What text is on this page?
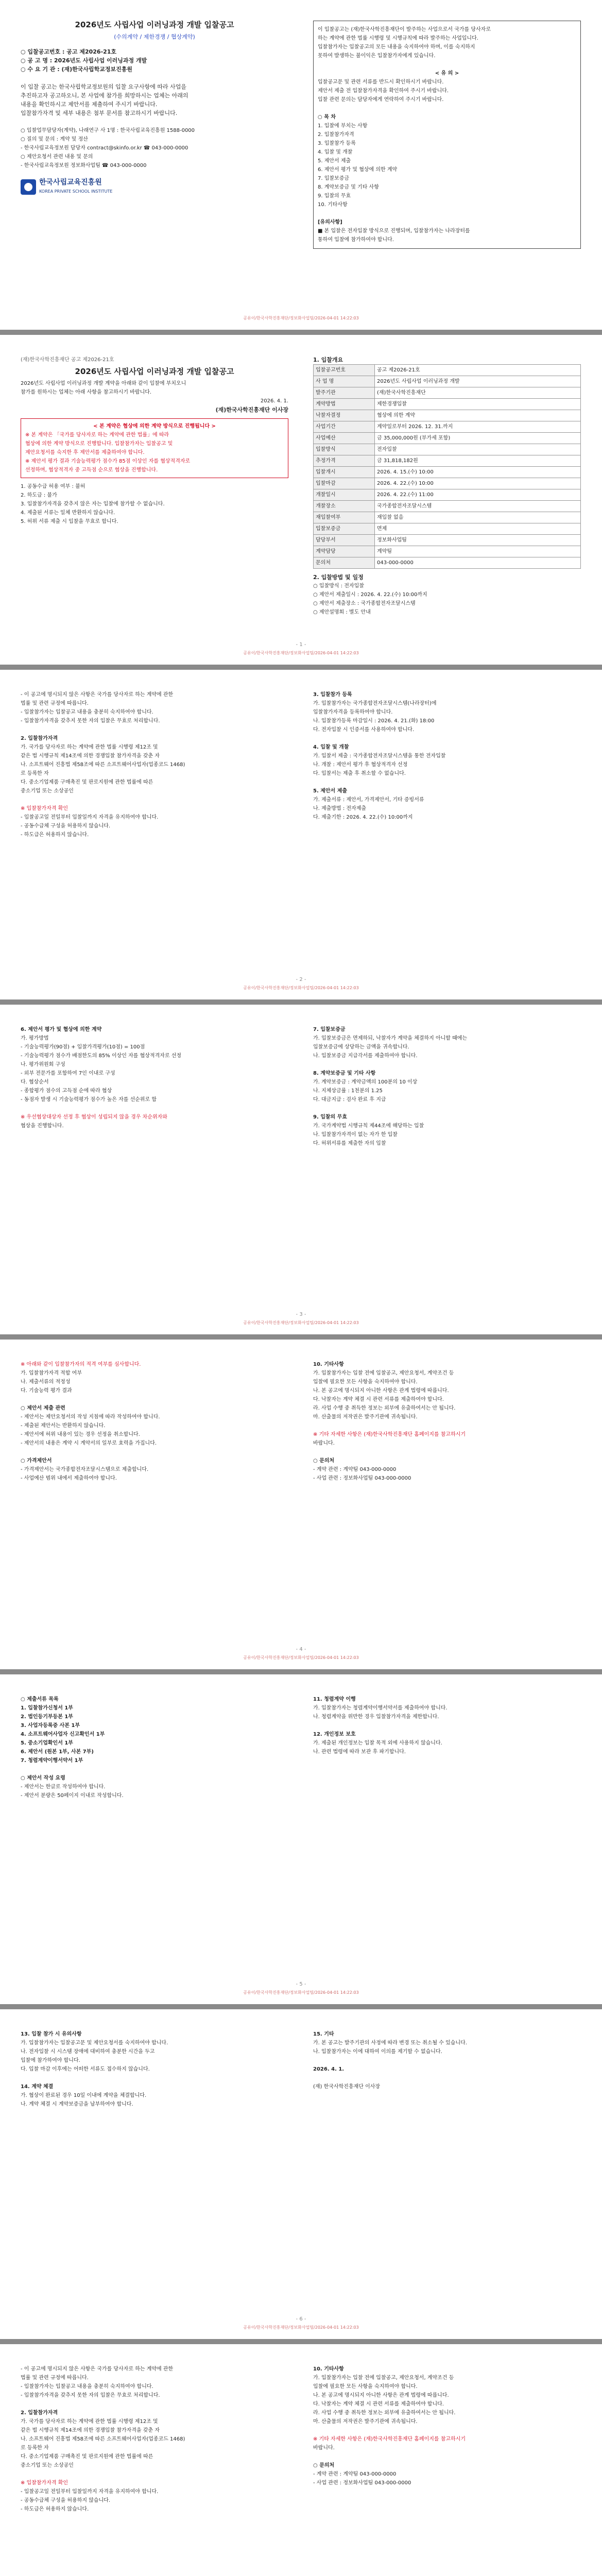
2026년도 사립사업 이러닝과정 개발 입찰공고
(수의계약 / 제한경쟁 / 협상계약)
○ 입찰공고번호 : 공고 제2026-21호
○ 공 고 명 : 2026년도 사립사업 이러닝과정 개발
○ 수 요 기 관 : (재)한국사립학교정보진흥원
이 입찰 공고는 한국사립학교정보원의 입찰 요구사항에 따라 사업을
추진하고자 공고하오니, 본 사업에 참가를 희망하시는 업체는 아래의
내용을 확인하시고 제안서를 제출하여 주시기 바랍니다.
입찰참가자격 및 세부 내용은 첨부 문서를 참고하시기 바랍니다.
○ 입찰업무담당자(계약), 나래연구 사 1명 : 한국사립교육진흥원 1588-0000
○ 질의 및 문의 : 계약 및 정산
- 한국사립교육정보원 담당자 contract@skinfo.or.kr ☎ 043-000-0000
○ 제안요청서 관련 내용 및 문의
- 한국사립교육정보원 정보화사업팀 ☎ 043-000-0000
한국사립교육진흥원
KOREA PRIVATE SCHOOL INSTITUTE
이 입찰공고는 (재)한국사학진흥재단이 발주하는 사업으로서 국가를 당사자로
하는 계약에 관한 법률 시행령 및 시행규칙에 따라 발주하는 사업입니다.
입찰참가자는 입찰공고의 모든 내용을 숙지하여야 하며, 이를 숙지하지
못하여 발생하는 불이익은 입찰참가자에게 있습니다.

< 유 의 >
입찰공고문 및 관련 서류를 반드시 확인하시기 바랍니다.
제안서 제출 전 입찰참가자격을 확인하여 주시기 바랍니다.
입찰 관련 문의는 담당자에게 연락하여 주시기 바랍니다.

○ 목 차
1. 입찰에 부치는 사항
2. 입찰참가자격
3. 입찰참가 등록
4. 입찰 및 개찰
5. 제안서 제출
6. 제안서 평가 및 협상에 의한 계약
7. 입찰보증금
8. 계약보증금 및 기타 사항
9. 입찰의 무효
10. 기타사항

[유의사항]
■ 본 입찰은 전자입찰 방식으로 진행되며, 입찰참가자는 나라장터를
통하여 입찰에 참가하여야 합니다.
공유이/한국사학진흥재단/정보화사업팀/2026-04-01 14:22:03
(재)한국사학진흥재단 공고 제2026-21호
2026년도 사립사업 이러닝과정 개발 입찰공고
2026년도 사립사업 이러닝과정 개발 계약을 아래와 같이 입찰에 부치오니
참가를 원하시는 업체는 아래 사항을 참고하시기 바랍니다.
2026. 4. 1.
(재)한국사학진흥재단 이사장
< 본 계약은 협상에 의한 계약 방식으로 진행됩니다 >
※ 본 계약은 「국가를 당사자로 하는 계약에 관한 법률」에 따라
협상에 의한 계약 방식으로 진행합니다. 입찰참가자는 입찰공고 및
제안요청서를 숙지한 후 제안서를 제출하여야 합니다.
※ 제안서 평가 결과 기술능력평가 점수가 85점 이상인 자를 협상적격자로
선정하며, 협상적격자 중 고득점 순으로 협상을 진행합니다.
1. 공동수급 허용 여부 : 불허
2. 하도급 : 불가
3. 입찰참가자격을 갖추지 않은 자는 입찰에 참가할 수 없습니다.
4. 제출된 서류는 일체 반환하지 않습니다.
5. 허위 서류 제출 시 입찰을 무효로 합니다.
1. 입찰개요
입찰공고번호	공고 제2026-21호
사 업 명	2026년도 사립사업 이러닝과정 개발
발주기관	(재)한국사학진흥재단
계약방법	제한경쟁입찰
낙찰자결정	협상에 의한 계약
사업기간	계약일로부터 2026. 12. 31.까지
사업예산	금 35,000,000원 (부가세 포함)
입찰방식	전자입찰
추정가격	금 31,818,182원
입찰개시	2026. 4. 15.(수) 10:00
입찰마감	2026. 4. 22.(수) 10:00
개찰일시	2026. 4. 22.(수) 11:00
개찰장소	국가종합전자조달시스템
재입찰여부	재입찰 없음
입찰보증금	면제
담당부서	정보화사업팀
계약담당	계약팀
문의처	043-000-0000
2. 입찰방법 및 일정
○ 입찰방식 : 전자입찰
○ 제안서 제출일시 : 2026. 4. 22.(수) 10:00까지
○ 제안서 제출장소 : 국가종합전자조달시스템
○ 제안설명회 : 별도 안내
- 1 -
공유이/한국사학진흥재단/정보화사업팀/2026-04-01 14:22:03
- 이 공고에 명시되지 않은 사항은 국가를 당사자로 하는 계약에 관한
법률 및 관련 규정에 따릅니다.
- 입찰참가자는 입찰공고 내용을 충분히 숙지하여야 합니다.
- 입찰참가자격을 갖추지 못한 자의 입찰은 무효로 처리합니다.

2. 입찰참가자격
가. 국가를 당사자로 하는 계약에 관한 법률 시행령 제12조 및
같은 법 시행규칙 제14조에 의한 경쟁입찰 참가자격을 갖춘 자
나. 소프트웨어 진흥법 제58조에 따른 소프트웨어사업자(업종코드 1468)
로 등록한 자
다. 중소기업제품 구매촉진 및 판로지원에 관한 법률에 따른
중소기업 또는 소상공인

※ 입찰참가자격 확인
- 입찰공고일 전일부터 입찰일까지 자격을 유지하여야 합니다.
- 공동수급체 구성을 허용하지 않습니다.
- 하도급은 허용하지 않습니다.
3. 입찰참가 등록
가. 입찰참가자는 국가종합전자조달시스템(나라장터)에
입찰참가자격을 등록하여야 합니다.
나. 입찰참가등록 마감일시 : 2026. 4. 21.(화) 18:00
다. 전자입찰 시 인증서를 사용하여야 합니다.

4. 입찰 및 개찰
가. 입찰서 제출 : 국가종합전자조달시스템을 통한 전자입찰
나. 개찰 : 제안서 평가 후 협상적격자 선정
다. 입찰서는 제출 후 취소할 수 없습니다.

5. 제안서 제출
가. 제출서류 : 제안서, 가격제안서, 기타 증빙서류
나. 제출방법 : 전자제출
다. 제출기한 : 2026. 4. 22.(수) 10:00까지
- 2 -
공유이/한국사학진흥재단/정보화사업팀/2026-04-01 14:22:03
6. 제안서 평가 및 협상에 의한 계약
가. 평가방법
- 기술능력평가(90점) + 입찰가격평가(10점) = 100점
- 기술능력평가 점수가 배점한도의 85% 이상인 자를 협상적격자로 선정
나. 평가위원회 구성
- 외부 전문가를 포함하여 7인 이내로 구성
다. 협상순서
- 종합평가 점수의 고득점 순에 따라 협상
- 동점자 발생 시 기술능력평가 점수가 높은 자를 선순위로 함

※ 우선협상대상자 선정 후 협상이 성립되지 않을 경우 차순위자와
협상을 진행합니다.
7. 입찰보증금
가. 입찰보증금은 면제하되, 낙찰자가 계약을 체결하지 아니할 때에는
입찰보증금에 상당하는 금액을 귀속합니다.
나. 입찰보증금 지급각서를 제출하여야 합니다.

8. 계약보증금 및 기타 사항
가. 계약보증금 : 계약금액의 100분의 10 이상
나. 지체상금률 : 1천분의 1.25
다. 대금지급 : 검사 완료 후 지급

9. 입찰의 무효
가. 국가계약법 시행규칙 제44조에 해당하는 입찰
나. 입찰참가자격이 없는 자가 한 입찰
다. 허위서류를 제출한 자의 입찰
- 3 -
공유이/한국사학진흥재단/정보화사업팀/2026-04-01 14:22:03
※ 아래와 같이 입찰참가자의 적격 여부를 심사합니다.
가. 입찰참가자격 적합 여부
나. 제출서류의 적정성
다. 기술능력 평가 결과

○ 제안서 제출 관련
- 제안서는 제안요청서의 작성 지침에 따라 작성하여야 합니다.
- 제출된 제안서는 반환하지 않습니다.
- 제안서에 허위 내용이 있는 경우 선정을 취소합니다.
- 제안서의 내용은 계약 시 계약서의 일부로 효력을 가집니다.

○ 가격제안서
- 가격제안서는 국가종합전자조달시스템으로 제출합니다.
- 사업예산 범위 내에서 제출하여야 합니다.
10. 기타사항
가. 입찰참가자는 입찰 전에 입찰공고, 제안요청서, 계약조건 등
입찰에 필요한 모든 사항을 숙지하여야 합니다.
나. 본 공고에 명시되지 아니한 사항은 관계 법령에 따릅니다.
다. 낙찰자는 계약 체결 시 관련 서류를 제출하여야 합니다.
라. 사업 수행 중 취득한 정보는 외부에 유출하여서는 안 됩니다.
마. 산출물의 저작권은 발주기관에 귀속됩니다.

※ 기타 자세한 사항은 (재)한국사학진흥재단 홈페이지를 참고하시기
바랍니다.

○ 문의처
- 계약 관련 : 계약팀 043-000-0000
- 사업 관련 : 정보화사업팀 043-000-0000
- 4 -
공유이/한국사학진흥재단/정보화사업팀/2026-04-01 14:22:03
○ 제출서류 목록
1. 입찰참가신청서 1부
2. 법인등기부등본 1부
3. 사업자등록증 사본 1부
4. 소프트웨어사업자 신고확인서 1부
5. 중소기업확인서 1부
6. 제안서 (원본 1부, 사본 7부)
7. 청렴계약이행서약서 1부

○ 제안서 작성 요령
- 제안서는 한글로 작성하여야 합니다.
- 제안서 분량은 50페이지 이내로 작성합니다.
11. 청렴계약 이행
가. 입찰참가자는 청렴계약이행서약서를 제출하여야 합니다.
나. 청렴계약을 위반한 경우 입찰참가자격을 제한합니다.

12. 개인정보 보호
가. 제출된 개인정보는 입찰 목적 외에 사용하지 않습니다.
나. 관련 법령에 따라 보관 후 파기합니다.
- 5 -
공유이/한국사학진흥재단/정보화사업팀/2026-04-01 14:22:03
13. 입찰 참가 시 유의사항
가. 입찰참가자는 입찰공고문 및 제안요청서를 숙지하여야 합니다.
나. 전자입찰 시 시스템 장애에 대비하여 충분한 시간을 두고
입찰에 참가하여야 합니다.
다. 입찰 마감 이후에는 어떠한 서류도 접수하지 않습니다.

14. 계약 체결
가. 협상이 완료된 경우 10일 이내에 계약을 체결합니다.
나. 계약 체결 시 계약보증금을 납부하여야 합니다.
15. 기타
가. 본 공고는 발주기관의 사정에 따라 변경 또는 취소될 수 있습니다.
나. 입찰참가자는 이에 대하여 이의를 제기할 수 없습니다.

2026. 4. 1.

(재) 한국사학진흥재단 이사장
- 6 -
공유이/한국사학진흥재단/정보화사업팀/2026-04-01 14:22:03
- 이 공고에 명시되지 않은 사항은 국가를 당사자로 하는 계약에 관한
법률 및 관련 규정에 따릅니다.
- 입찰참가자는 입찰공고 내용을 충분히 숙지하여야 합니다.
- 입찰참가자격을 갖추지 못한 자의 입찰은 무효로 처리합니다.

2. 입찰참가자격
가. 국가를 당사자로 하는 계약에 관한 법률 시행령 제12조 및
같은 법 시행규칙 제14조에 의한 경쟁입찰 참가자격을 갖춘 자
나. 소프트웨어 진흥법 제58조에 따른 소프트웨어사업자(업종코드 1468)
로 등록한 자
다. 중소기업제품 구매촉진 및 판로지원에 관한 법률에 따른
중소기업 또는 소상공인

※ 입찰참가자격 확인
- 입찰공고일 전일부터 입찰일까지 자격을 유지하여야 합니다.
- 공동수급체 구성을 허용하지 않습니다.
- 하도급은 허용하지 않습니다.
10. 기타사항
가. 입찰참가자는 입찰 전에 입찰공고, 제안요청서, 계약조건 등
입찰에 필요한 모든 사항을 숙지하여야 합니다.
나. 본 공고에 명시되지 아니한 사항은 관계 법령에 따릅니다.
다. 낙찰자는 계약 체결 시 관련 서류를 제출하여야 합니다.
라. 사업 수행 중 취득한 정보는 외부에 유출하여서는 안 됩니다.
마. 산출물의 저작권은 발주기관에 귀속됩니다.

※ 기타 자세한 사항은 (재)한국사학진흥재단 홈페이지를 참고하시기
바랍니다.

○ 문의처
- 계약 관련 : 계약팀 043-000-0000
- 사업 관련 : 정보화사업팀 043-000-0000
